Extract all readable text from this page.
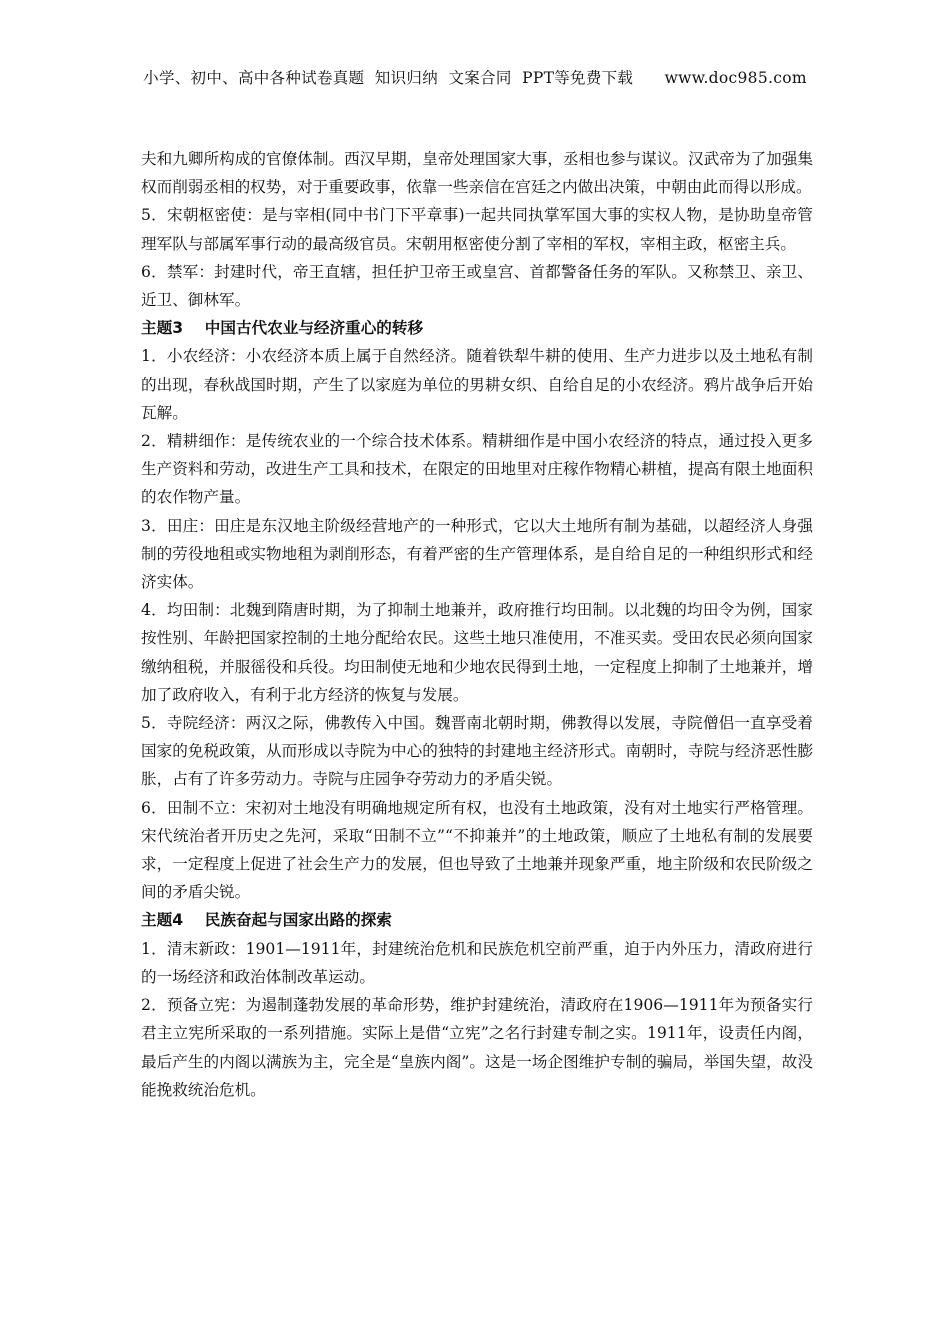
小学、初中、高中各种试卷真题  知识归纳  文案合同  PPT等免费下载      www.doc985.com

夫和九卿所构成的官僚体制。西汉早期，皇帝处理国家大事，丞相也参与谋议。汉武帝为了加强集权而削弱丞相的权势，对于重要政事，依靠一些亲信在宫廷之内做出决策，中朝由此而得以形成。

5．宋朝枢密使：是与宰相(同中书门下平章事)一起共同执掌军国大事的实权人物，是协助皇帝管理军队与部属军事行动的最高级官员。宋朝用枢密使分割了宰相的军权，宰相主政，枢密主兵。

6．禁军：封建时代，帝王直辖，担任护卫帝王或皇宫、首都警备任务的军队。又称禁卫、亲卫、近卫、御林军。

主题3    中国古代农业与经济重心的转移

1．小农经济：小农经济本质上属于自然经济。随着铁犁牛耕的使用、生产力进步以及土地私有制的出现，春秋战国时期，产生了以家庭为单位的男耕女织、自给自足的小农经济。鸦片战争后开始瓦解。

2．精耕细作：是传统农业的一个综合技术体系。精耕细作是中国小农经济的特点，通过投入更多生产资料和劳动，改进生产工具和技术，在限定的田地里对庄稼作物精心耕植，提高有限土地面积的农作物产量。

3．田庄：田庄是东汉地主阶级经营地产的一种形式，它以大土地所有制为基础，以超经济人身强制的劳役地租或实物地租为剥削形态，有着严密的生产管理体系，是自给自足的一种组织形式和经济实体。

4．均田制：北魏到隋唐时期，为了抑制土地兼并，政府推行均田制。以北魏的均田令为例，国家按性别、年龄把国家控制的土地分配给农民。这些土地只准使用，不准买卖。受田农民必须向国家缴纳租税，并服徭役和兵役。均田制使无地和少地农民得到土地，一定程度上抑制了土地兼并，增加了政府收入，有利于北方经济的恢复与发展。

5．寺院经济：两汉之际，佛教传入中国。魏晋南北朝时期，佛教得以发展，寺院僧侣一直享受着国家的免税政策，从而形成以寺院为中心的独特的封建地主经济形式。南朝时，寺院与经济恶性膨胀，占有了许多劳动力。寺院与庄园争夺劳动力的矛盾尖锐。

6．田制不立：宋初对土地没有明确地规定所有权，也没有土地政策，没有对土地实行严格管理。宋代统治者开历史之先河，采取“田制不立”“不抑兼并”的土地政策，顺应了土地私有制的发展要求，一定程度上促进了社会生产力的发展，但也导致了土地兼并现象严重，地主阶级和农民阶级之间的矛盾尖锐。

主题4    民族奋起与国家出路的探索

1．清末新政：1901—1911年，封建统治危机和民族危机空前严重，迫于内外压力，清政府进行的一场经济和政治体制改革运动。

2．预备立宪：为遏制蓬勃发展的革命形势，维护封建统治，清政府在1906—1911年为预备实行君主立宪所采取的一系列措施。实际上是借“立宪”之名行封建专制之实。1911年，设责任内阁，最后产生的内阁以满族为主，完全是“皇族内阁”。这是一场企图维护专制的骗局，举国失望，故没能挽救统治危机。
